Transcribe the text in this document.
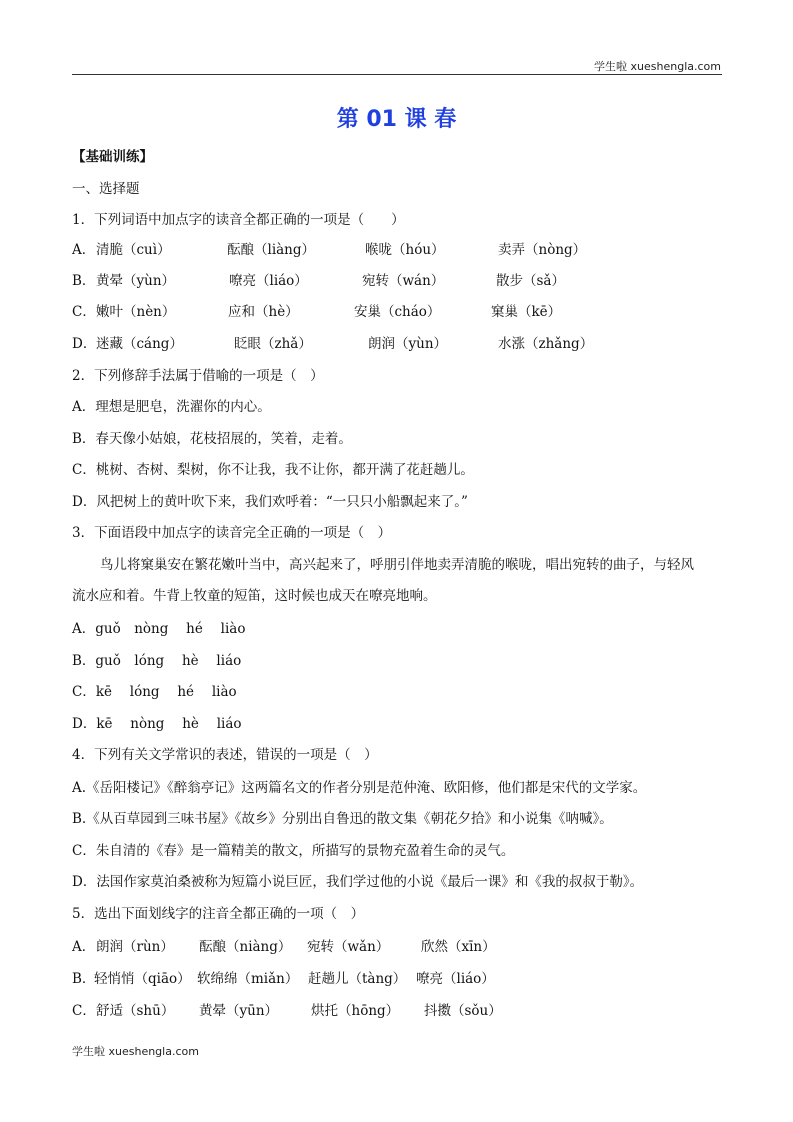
学生啦 xueshengla.com
第 01 课 春
【基础训练】
一、选择题
1．下列词语中加点字的读音全都正确的一项是（　　）
A． 清脆（cuì）	酝酿（liàng）	喉咙（hóu）	卖弄（nòng）
B． 黄晕（yùn）	嘹亮（liáo）	宛转（wán）	散步（sǎ）
C． 嫩叶（nèn）	应和（hè）	安巢（cháo）	窠巢（kē）
D． 迷藏（cáng）	眨眼（zhǎ）	朗润（yùn）	水涨（zhǎng）
2．下列修辞手法属于借喻的一项是（　）
A．理想是肥皂，洗濯你的内心。
B．春天像小姑娘，花枝招展的，笑着，走着。
C．桃树、杏树、梨树，你不让我，我不让你，都开满了花赶趟儿。
D．风把树上的黄叶吹下来，我们欢呼着：“一只只小船飘起来了。”
3．下面语段中加点字的读音完全正确的一项是（　）
鸟儿将窠巢安在繁花嫩叶当中，高兴起来了，呼朋引伴地卖弄清脆的喉咙，唱出宛转的曲子，与轻风
流水应和着。牛背上牧童的短笛，这时候也成天在嘹亮地响。
A．guǒ　nòng　 hé　 liào
B．guǒ　lóng　 hè　 liáo
C．kē　 lóng　 hé　 liào
D．kē　 nòng　 hè　 liáo
4．下列有关文学常识的表述，错误的一项是（　）
A.《岳阳楼记》《醉翁亭记》这两篇名文的作者分别是范仲淹、欧阳修，他们都是宋代的文学家。
B.《从百草园到三味书屋》《故乡》分别出自鲁迅的散文集《朝花夕拾》和小说集《呐喊》。
C．朱自清的《春》是一篇精美的散文，所描写的景物充盈着生命的灵气。
D．法国作家莫泊桑被称为短篇小说巨匠，我们学过他的小说《最后一课》和《我的叔叔于勒》。
5．选出下面划线字的注音全都正确的一项（　）
A． 朗润（rùn） 酝酿（niàng） 宛转（wǎn） 欣然（xīn）
B．
轻悄悄（qiāo） 软绵绵（miǎn） 赶趟儿（tàng） 嘹亮（liáo）
C． 舒适（shū） 黄晕（yūn） 烘托（hōng） 抖擞（sǒu）
学生啦 xueshengla.com
